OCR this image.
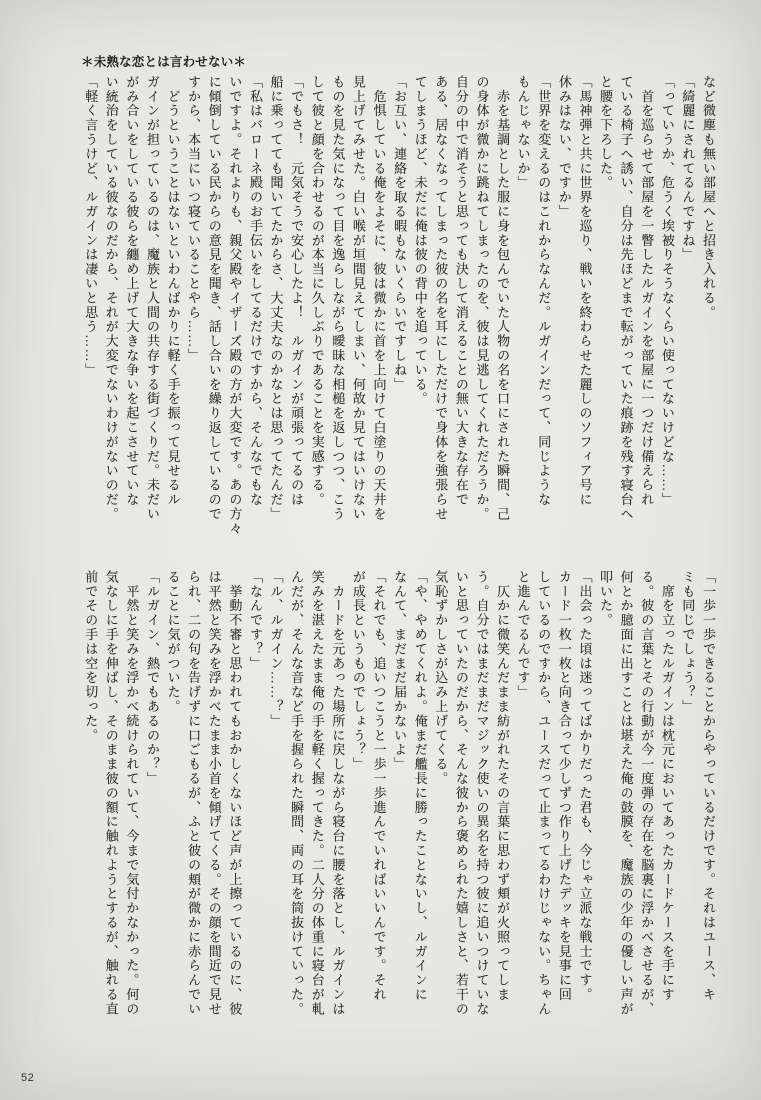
＊未熟な恋とは言わせない＊

など微塵も無い部屋へと招き入れる。

「綺麗にされてるんですね」

「っていうか、危うく埃被りそうなくらい使ってないけどな……」

　首を巡らせて部屋を一瞥したルガインを部屋に一つだけ備えられ

ている椅子へ誘い、自分は先ほどまで転がっていた痕跡を残す寝台へ

と腰を下ろした。

「馬神弾と共に世界を巡り、戦いを終わらせた麗しのソフィア号に

休みはない、ですか」

「世界を変えるのはこれからなんだ。ルガインだって、同じような

もんじゃないか」

　赤を基調とした服に身を包んでいた人物の名を口にされた瞬間、己

の身体が微かに跳ねてしまったのを、彼は見逃してくれただろうか。

自分の中で消そうと思っても決して消えることの無い大きな存在で

ある、居なくなってしまった彼の名を耳にしただけで身体を強張らせ

てしまうほど、未だに俺は彼の背中を追っている。

「お互い、連絡を取る暇もないくらいですしね」

　危惧している俺をよそに、彼は微かに首を上向けて白塗りの天井を

見上げてみせた。白い喉が垣間見えてしまい、何故か見てはいけない

ものを見た気になって目を逸らしながら曖昧な相槌を返しつつ、こう

して彼と顔を合わせるのが本当に久しぶりであることを実感する。

「でもさ！　元気そうで安心したよ！　ルガインが頑張ってるのは

船に乗ってても聞いてたからさ、大丈夫なのかなとは思ってたんだ」

「私はバローネ殿のお手伝いをしてるだけですから、そんなでもな

いですよ。それよりも、親父殿やイザーズ殿の方が大変です。あの方々

に傾倒している民からの意見を聞き、話し合いを繰り返しているので

すから、本当にいつ寝ていることやら……」

　どうということはないといわんばかりに軽く手を振って見せるル

ガインが担っているのは、魔族と人間の共存する街づくりだ。未だい

がみ合いをしている彼らを纏め上げて大きな争いを起こさせていな

い統治をしている彼なのだから、それが大変でないわけがないのだ。

「軽く言うけど、ルガインは凄いと思う……」

「一歩一歩できることからやっているだけです。それはユース、キ

ミも同じでしょう？」

　席を立ったルガインは枕元においてあったカードケースを手にす

る。彼の言葉とその行動が今一度弾の存在を脳裏に浮かべさせるが、

何とか臆面に出すことは堪えた俺の鼓膜を、魔族の少年の優しい声が

叩いた。

「出会った頃は迷ってばかりだった君も、今じゃ立派な戦士です。

カード一枚一枚と向き合って少しずつ作り上げたデッキを見事に回

しているのですから、ユースだって止まってるわけじゃない。ちゃん

と進んでるんです」

　仄かに微笑んだまま紡がれたその言葉に思わず頬が火照ってしま

う。自分ではまだまだマジック使いの異名を持つ彼に追いつけていな

いと思っていたのだから、そんな彼から褒められた嬉しさと、若干の

気恥ずかしさが込み上げてくる。

「や、やめてくれよ。俺まだ艦長に勝ったことないし、ルガインに

なんて、まだまだ届かないよ」

「それでも、追いつこうと一歩一歩進んでいればいいんです。それ

が成長というものでしょう？」

　カードを元あった場所に戻しながら寝台に腰を落とし、ルガインは

笑みを湛えたまま俺の手を軽く握ってきた。二人分の体重に寝台が軋

んだが、そんな音など手を握られた瞬間、両の耳を筒抜けていった。

「ル、ルガイン……？」

「なんです？」

　挙動不審と思われてもおかしくないほど声が上擦っているのに、彼

は平然と笑みを浮かべたまま小首を傾げてくる。その顔を間近で見せ

られ、二の句を告げずに口ごもるが、ふと彼の頬が微かに赤らんでい

ることに気がついた。

「ルガイン、熱でもあるのか？」

　平然と笑みを浮かべ続けられていて、今まで気付かなかった。何の

気なしに手を伸ばし、そのまま彼の額に触れようとするが、触れる直

前でその手は空を切った。

52
